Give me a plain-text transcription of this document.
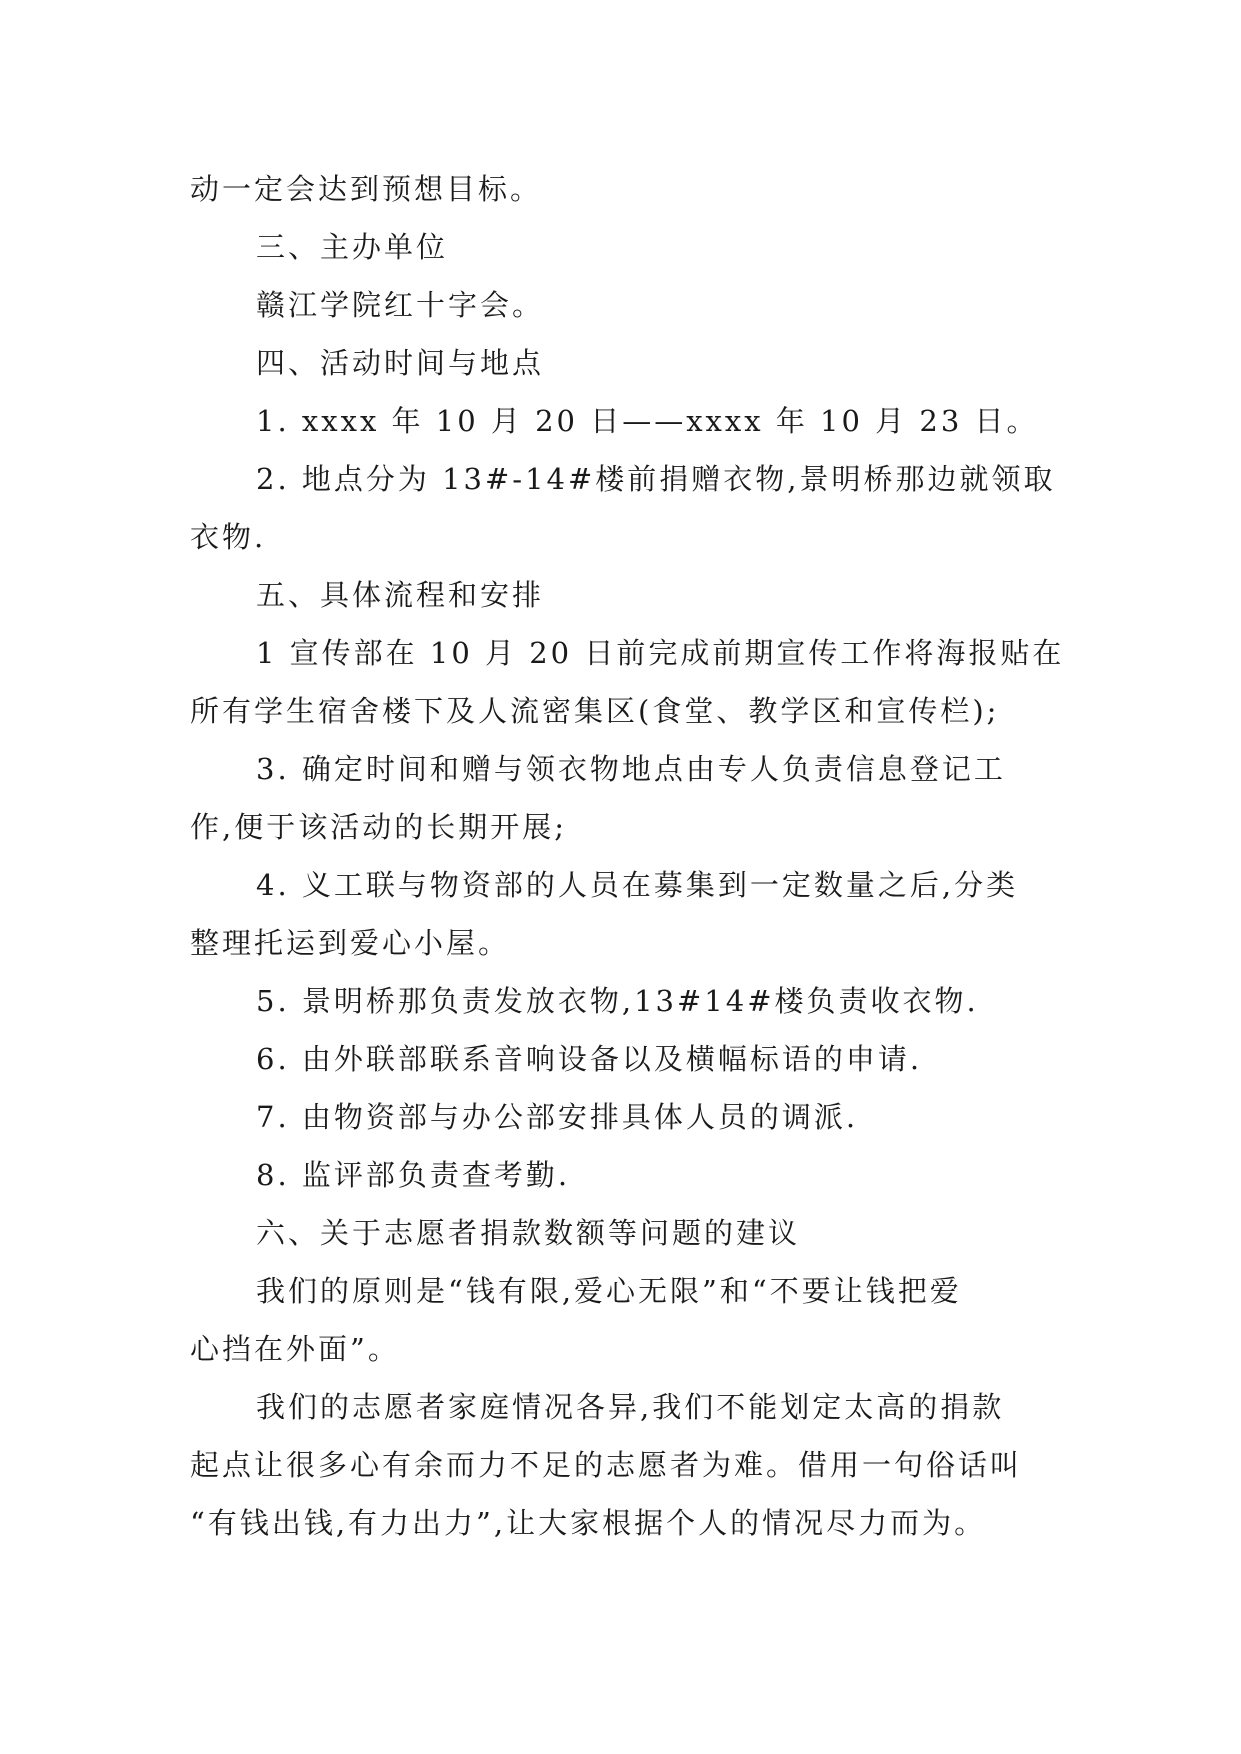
动一定会达到预想目标。
三、主办单位
赣江学院红十字会。
四、活动时间与地点
1. xxxx 年 10 月 20 日——xxxx 年 10 月 23 日。
2. 地点分为 13#-14#楼前捐赠衣物,景明桥那边就领取
衣物.
五、具体流程和安排
1 宣传部在 10 月 20 日前完成前期宣传工作将海报贴在
所有学生宿舍楼下及人流密集区(食堂、教学区和宣传栏);
3. 确定时间和赠与领衣物地点由专人负责信息登记工
作,便于该活动的长期开展;
4. 义工联与物资部的人员在募集到一定数量之后,分类
整理托运到爱心小屋。
5. 景明桥那负责发放衣物,13#14#楼负责收衣物.
6. 由外联部联系音响设备以及横幅标语的申请.
7. 由物资部与办公部安排具体人员的调派.
8. 监评部负责查考勤.
六、关于志愿者捐款数额等问题的建议
我们的原则是“钱有限,爱心无限”和“不要让钱把爱
心挡在外面”。
我们的志愿者家庭情况各异,我们不能划定太高的捐款
起点让很多心有余而力不足的志愿者为难。借用一句俗话叫
“有钱出钱,有力出力”,让大家根据个人的情况尽力而为。
